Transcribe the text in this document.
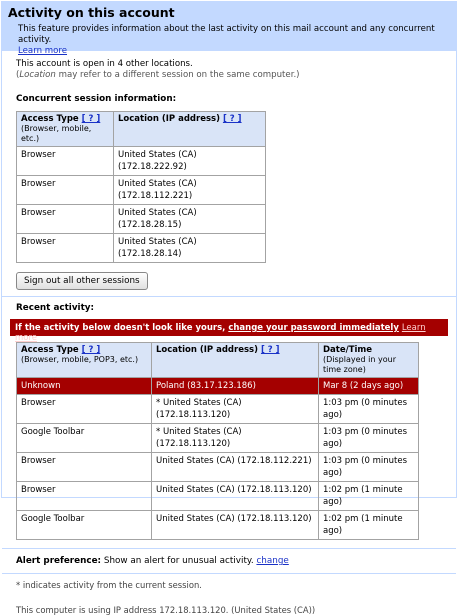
Activity on this account
This feature provides information about the last activity on this mail account and any concurrent activity.
Learn more
This account is open in 4 other locations.
(Location may refer to a different session on the same computer.)
Concurrent session information:
Access Type [ ? ]
(Browser, mobile, etc.)	Location (IP address) [ ? ]
Browser	United States (CA) (172.18.222.92)
Browser	United States (CA) (172.18.112.221)
Browser	United States (CA) (172.18.28.15)
Browser	United States (CA) (172.18.28.14)
Sign out all other sessions
Recent activity:
If the activity below doesn't look like yours, change your password immediately Learn more
Access Type [ ? ]
(Browser, mobile, POP3, etc.)	Location (IP address) [ ? ]	Date/Time
(Displayed in your time zone)
Unknown	Poland (83.17.123.186)	Mar 8 (2 days ago)
Browser	* United States (CA) (172.18.113.120)	1:03 pm (0 minutes ago)
Google Toolbar	* United States (CA) (172.18.113.120)	1:03 pm (0 minutes ago)
Browser	United States (CA) (172.18.112.221)	1:03 pm (0 minutes ago)
Browser	United States (CA) (172.18.113.120)	1:02 pm (1 minute ago)
Google Toolbar	United States (CA) (172.18.113.120)	1:02 pm (1 minute ago)
Alert preference: Show an alert for unusual activity. change
* indicates activity from the current session.
This computer is using IP address 172.18.113.120. (United States (CA))
